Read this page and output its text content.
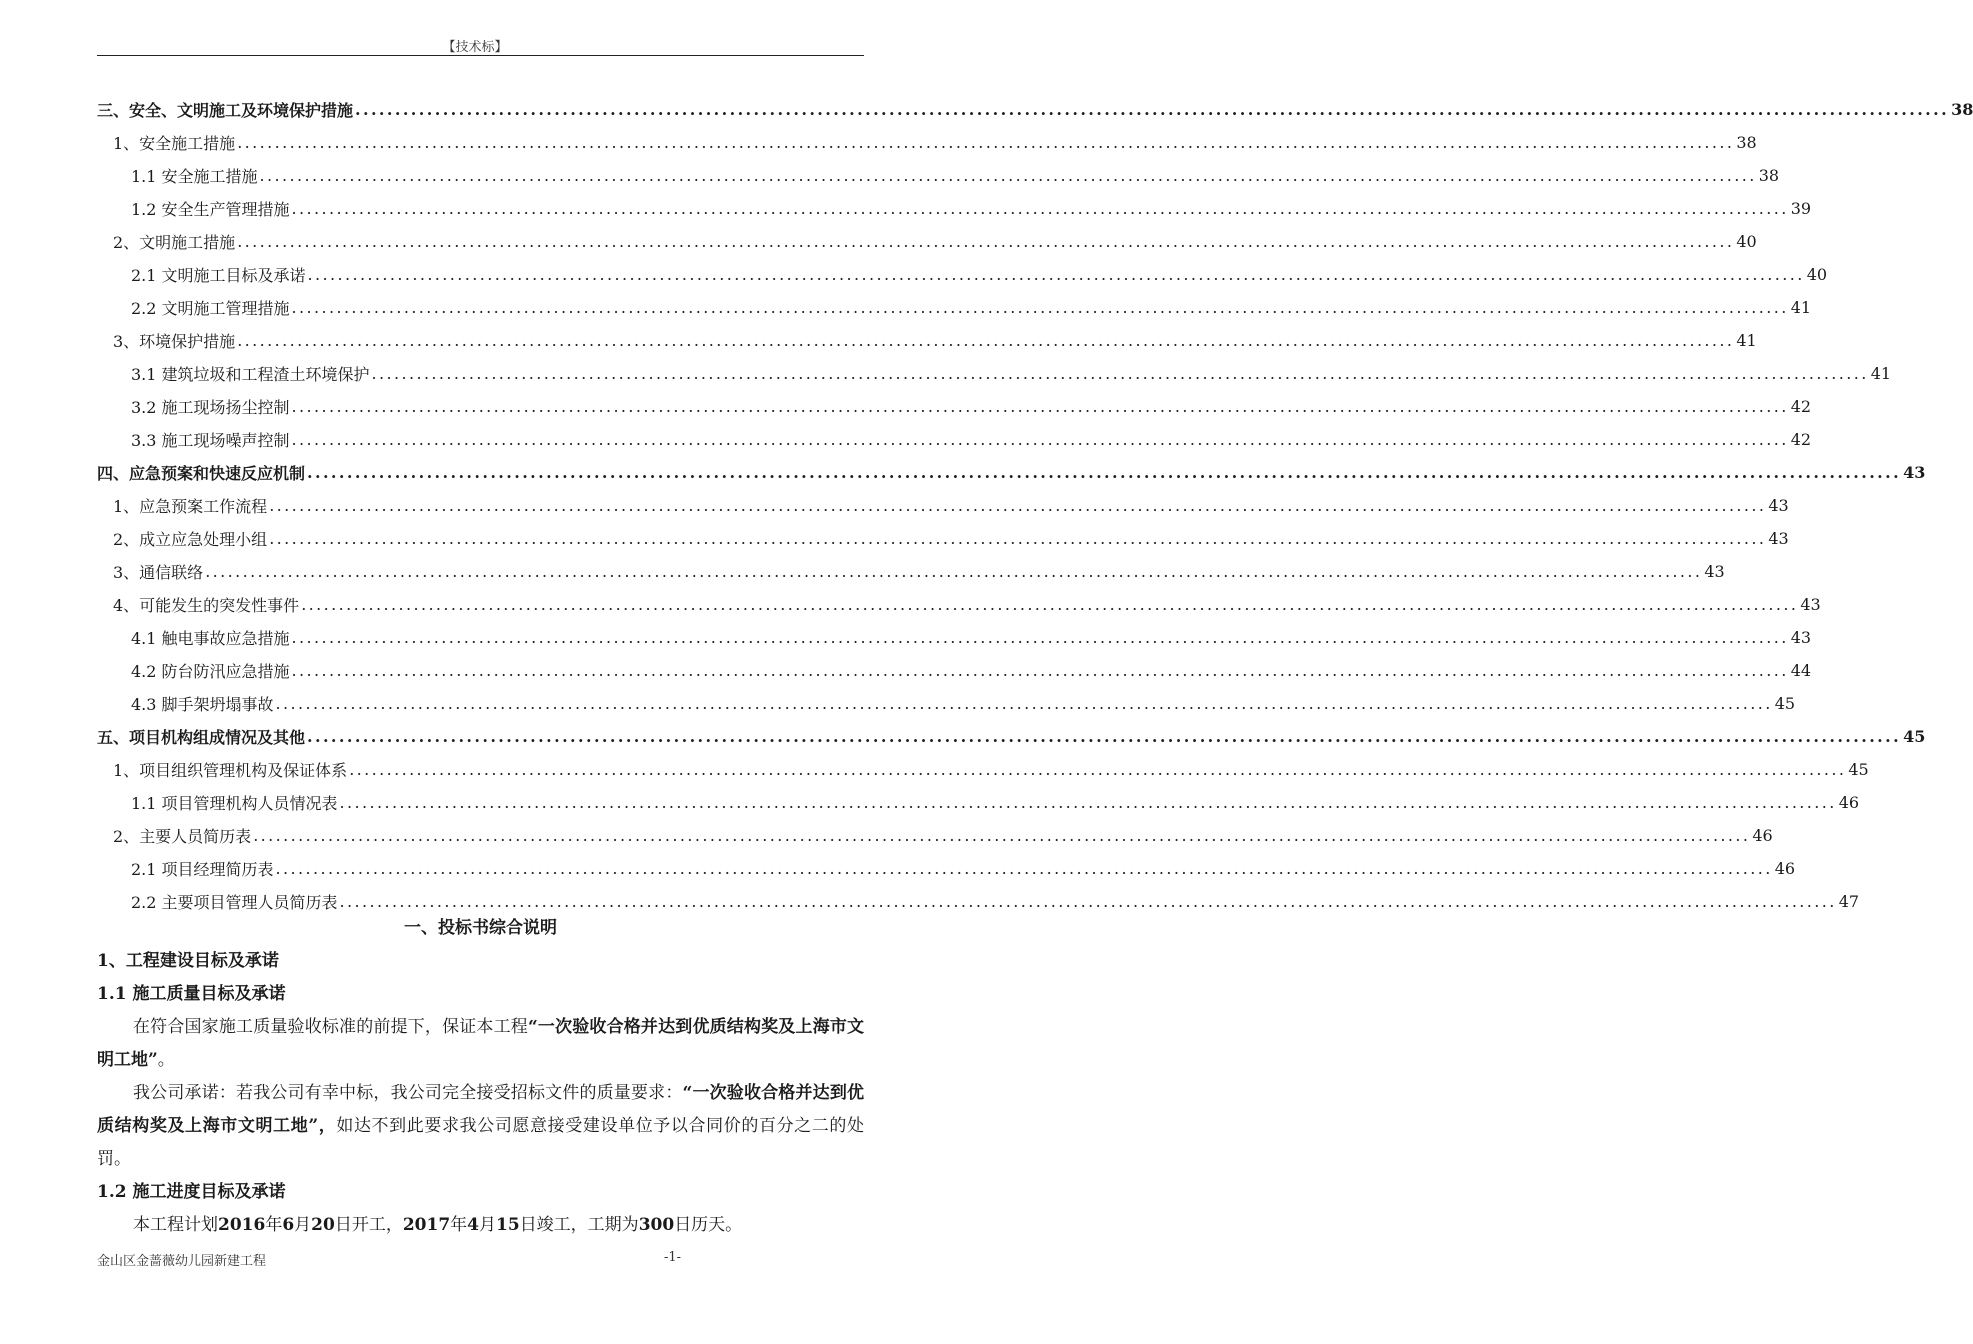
【技术标】
三、安全、文明施工及环境保护措施 ........................................................................................................................................................................................................ 38
1、安全施工措施 ........................................................................................................................................................................................................ 38
1.1 安全施工措施 ........................................................................................................................................................................................................ 38
1.2 安全生产管理措施 ........................................................................................................................................................................................................ 39
2、文明施工措施 ........................................................................................................................................................................................................ 40
2.1 文明施工目标及承诺 ........................................................................................................................................................................................................ 40
2.2 文明施工管理措施 ........................................................................................................................................................................................................ 41
3、环境保护措施 ........................................................................................................................................................................................................ 41
3.1 建筑垃圾和工程渣土环境保护 ........................................................................................................................................................................................................ 41
3.2 施工现场扬尘控制 ........................................................................................................................................................................................................ 42
3.3 施工现场噪声控制 ........................................................................................................................................................................................................ 42
四、应急预案和快速反应机制 ........................................................................................................................................................................................................ 43
1、应急预案工作流程 ........................................................................................................................................................................................................ 43
2、成立应急处理小组 ........................................................................................................................................................................................................ 43
3、通信联络 ........................................................................................................................................................................................................ 43
4、可能发生的突发性事件 ........................................................................................................................................................................................................ 43
4.1 触电事故应急措施 ........................................................................................................................................................................................................ 43
4.2 防台防汛应急措施 ........................................................................................................................................................................................................ 44
4.3 脚手架坍塌事故 ........................................................................................................................................................................................................ 45
五、项目机构组成情况及其他 ........................................................................................................................................................................................................ 45
1、项目组织管理机构及保证体系 ........................................................................................................................................................................................................ 45
1.1 项目管理机构人员情况表 ........................................................................................................................................................................................................ 46
2、主要人员简历表 ........................................................................................................................................................................................................ 46
2.1 项目经理简历表 ........................................................................................................................................................................................................ 46
2.2 主要项目管理人员简历表 ........................................................................................................................................................................................................ 47
一、投标书综合说明
1、工程建设目标及承诺
1.1 施工质量目标及承诺
在符合国家施工质量验收标准的前提下，保证本工程“一次验收合格并达到优质结构奖及上海市文明工地”。
我公司承诺：若我公司有幸中标，我公司完全接受招标文件的质量要求：“一次验收合格并达到优质结构奖及上海市文明工地”，如达不到此要求我公司愿意接受建设单位予以合同价的百分之二的处罚。
1.2 施工进度目标及承诺
本工程计划2016年6月20日开工，2017年4月15日竣工，工期为300日历天。
金山区金蔷薇幼儿园新建工程	-1-
